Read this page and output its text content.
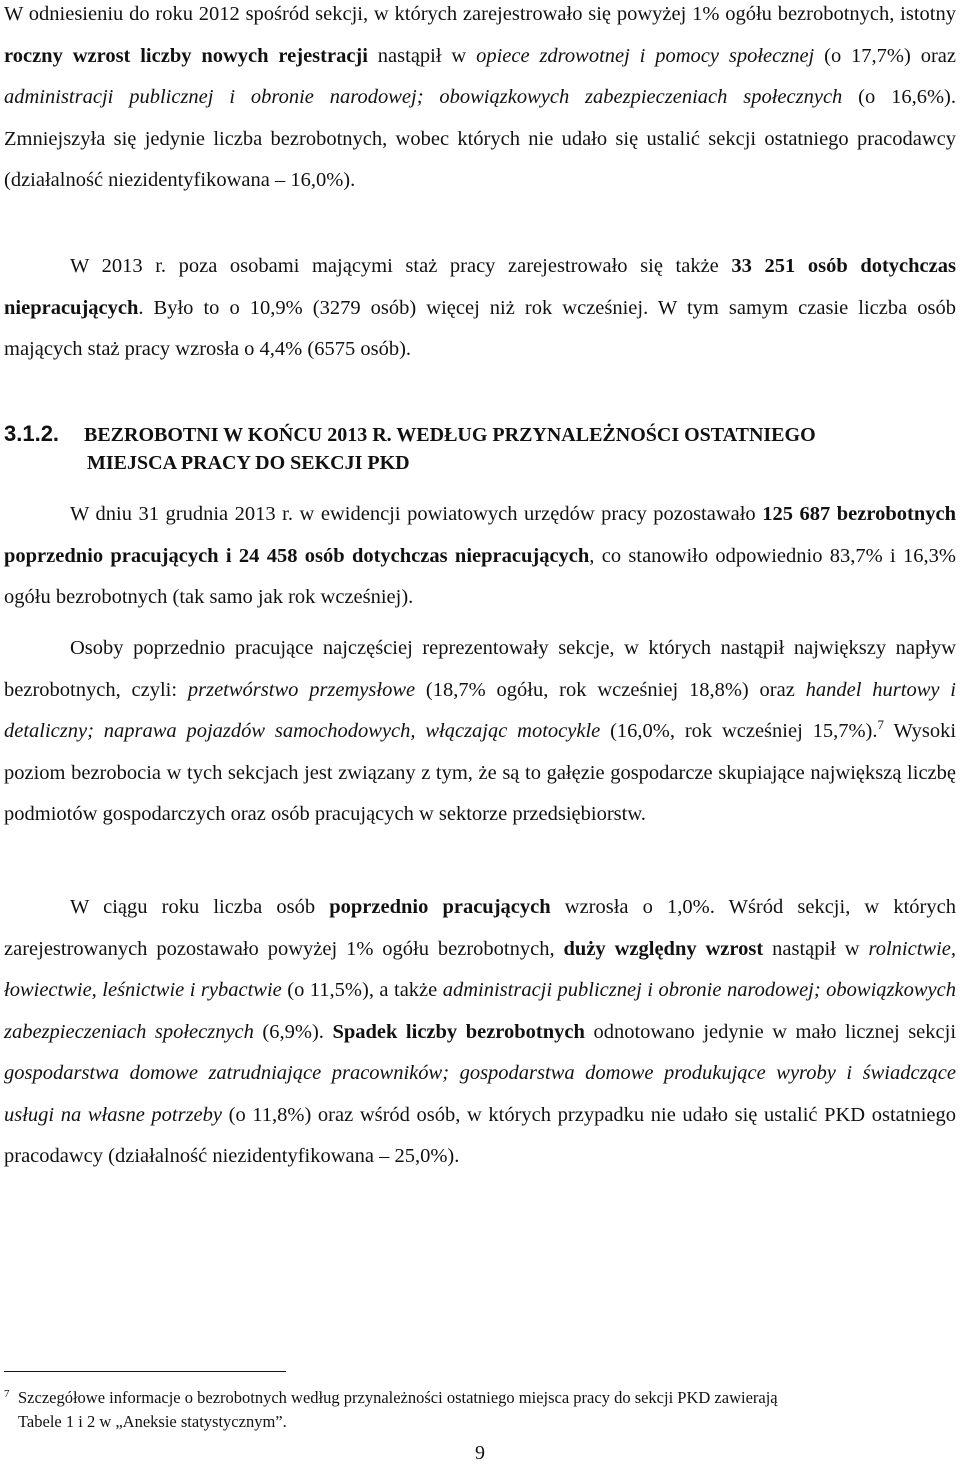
W odniesieniu do roku 2012 spośród sekcji, w których zarejestrowało się powyżej 1% ogółu bezrobotnych, istotny roczny wzrost liczby nowych rejestracji nastąpił w opiece zdrowotnej i pomocy społecznej (o 17,7%) oraz administracji publicznej i obronie narodowej; obowiązkowych zabezpieczeniach społecznych (o 16,6%). Zmniejszyła się jedynie liczba bezrobotnych, wobec których nie udało się ustalić sekcji ostatniego pracodawcy (działalność niezidentyfikowana – 16,0%).

W 2013 r. poza osobami mającymi staż pracy zarejestrowało się także 33 251 osób dotychczas niepracujących. Było to o 10,9% (3279 osób) więcej niż rok wcześniej. W tym samym czasie liczba osób mających staż pracy wzrosła o 4,4% (6575 osób).

3.1.2. BEZROBOTNI W KOŃCU 2013 R. WEDŁUG PRZYNALEŻNOŚCI OSTATNIEGO
MIEJSCA PRACY DO SEKCJI PKD

W dniu 31 grudnia 2013 r. w ewidencji powiatowych urzędów pracy pozostawało 125 687 bezrobotnych poprzednio pracujących i 24 458 osób dotychczas niepracujących, co stanowiło odpowiednio 83,7% i 16,3% ogółu bezrobotnych (tak samo jak rok wcześniej).

Osoby poprzednio pracujące najczęściej reprezentowały sekcje, w których nastąpił największy napływ bezrobotnych, czyli: przetwórstwo przemysłowe (18,7% ogółu, rok wcześniej 18,8%) oraz handel hurtowy i detaliczny; naprawa pojazdów samochodowych, włączając motocykle (16,0%, rok wcześniej 15,7%).$^7$ Wysoki poziom bezrobocia w tych sekcjach jest związany z tym, że są to gałęzie gospodarcze skupiające największą liczbę podmiotów gospodarczych oraz osób pracujących w sektorze przedsiębiorstw.

W ciągu roku liczba osób poprzednio pracujących wzrosła o 1,0%. Wśród sekcji, w których zarejestrowanych pozostawało powyżej 1% ogółu bezrobotnych, duży względny wzrost nastąpił w rolnictwie, łowiectwie, leśnictwie i rybactwie (o 11,5%), a także administracji publicznej i obronie narodowej; obowiązkowych zabezpieczeniach społecznych (6,9%). Spadek liczby bezrobotnych odnotowano jedynie w mało licznej sekcji gospodarstwa domowe zatrudniające pracowników; gospodarstwa domowe produkujące wyroby i świadczące usługi na własne potrzeby (o 11,8%) oraz wśród osób, w których przypadku nie udało się ustalić PKD ostatniego pracodawcy (działalność niezidentyfikowana – 25,0%).

7 Szczegółowe informacje o bezrobotnych według przynależności ostatniego miejsca pracy do sekcji PKD zawierają
Tabele 1 i 2 w „Aneksie statystycznym”.
9
